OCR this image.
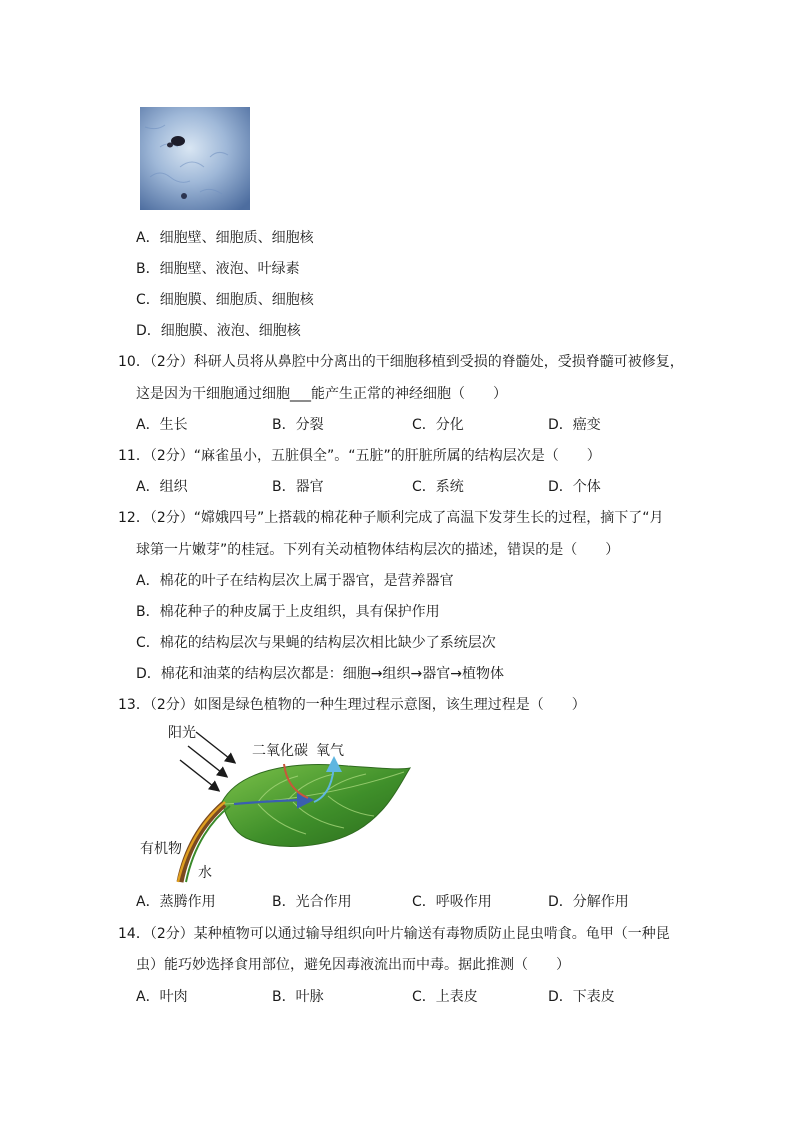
A．细胞壁、细胞质、细胞核
B．细胞壁、液泡、叶绿素
C．细胞膜、细胞质、细胞核
D．细胞膜、液泡、细胞核
10．（2分）科研人员将从鼻腔中分离出的干细胞移植到受损的脊髓处，受损脊髓可被修复，
这是因为干细胞通过细胞___能产生正常的神经细胞（　　）
A．生长	B．分裂	C．分化	D．癌变
11．（2分）“麻雀虽小，五脏俱全”。“五脏”的肝脏所属的结构层次是（　　）
A．组织	B．器官	C．系统	D．个体
12．（2分）“嫦娥四号”上搭载的棉花种子顺利完成了高温下发芽生长的过程，摘下了“月
球第一片嫩芽”的桂冠。下列有关动植物体结构层次的描述，错误的是（　　）
A．棉花的叶子在结构层次上属于器官，是营养器官
B．棉花种子的种皮属于上皮组织，具有保护作用
C．棉花的结构层次与果蝇的结构层次相比缺少了系统层次
D．棉花和油菜的结构层次都是：细胞→组织→器官→植物体
13．（2分）如图是绿色植物的一种生理过程示意图，该生理过程是（　　）
阳光
二氧化碳 氧气
有机物
水
A．蒸腾作用	B．光合作用	C．呼吸作用	D．分解作用
14．（2分）某种植物可以通过输导组织向叶片输送有毒物质防止昆虫啃食。龟甲（一种昆
虫）能巧妙选择食用部位，避免因毒液流出而中毒。据此推测（　　）
A．叶肉	B．叶脉	C．上表皮	D．下表皮
